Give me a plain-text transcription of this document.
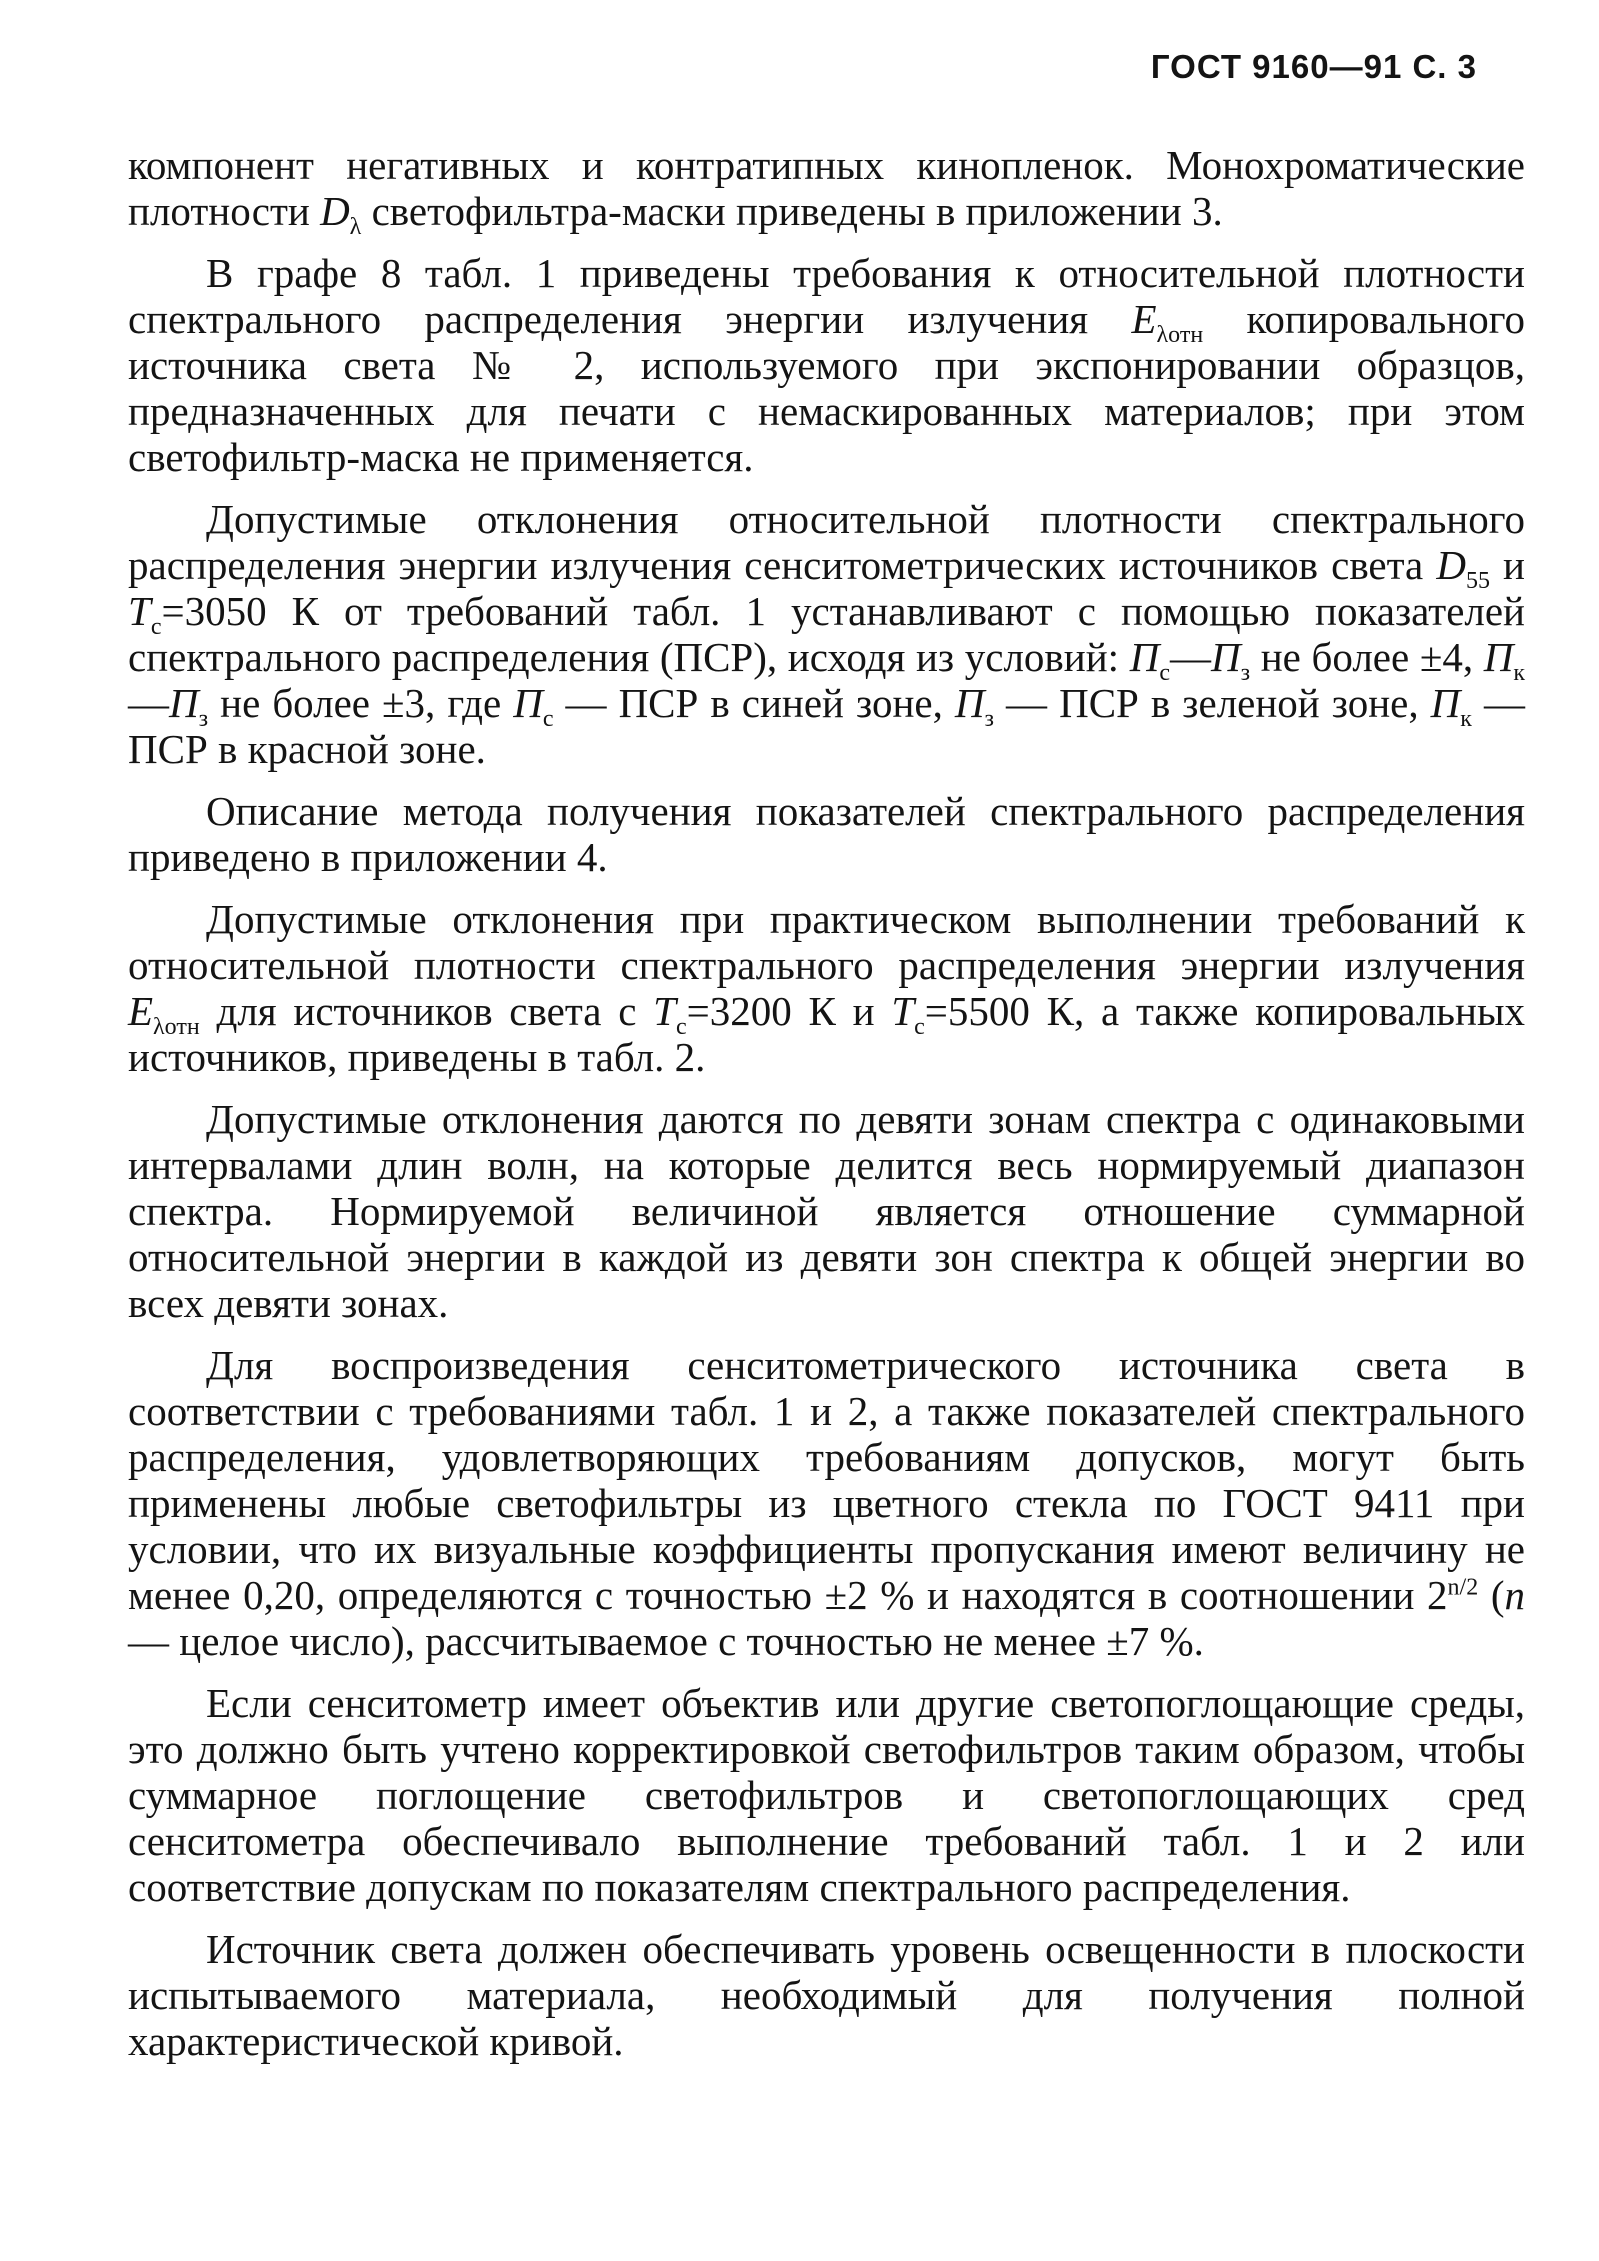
ГОСТ 9160—91 С. 3

компонент негативных и контратипных кинопленок. Монохроматические плотности $D_\lambda$ светофильтра-маски приведены в приложении 3.

В графе 8 табл. 1 приведены требования к относительной плотности спектрального распределения энергии излучения $E_{\lambda отн}$ копировального источника света № 2, используемого при экспонировании образцов, предназначенных для печати с немаскированных материалов; при этом светофильтр-маска не применяется.

Допустимые отклонения относительной плотности спектрального распределения энергии излучения сенситометрических источников света $D_{55}$ и $T_с=3050$ К от требований табл. 1 устанавливают с помощью показателей спектрального распределения (ПСР), исходя из условий: $П_с—П_з$ не более ±4, $П_к—П_з$ не более ±3, где $П_с$ — ПСР в синей зоне, $П_з$ — ПСР в зеленой зоне, $П_к$ — ПСР в красной зоне.

Описание метода получения показателей спектрального распределения приведено в приложении 4.

Допустимые отклонения при практическом выполнении требований к относительной плотности спектрального распределения энергии излучения $E_{\lambda отн}$ для источников света с $T_с=3200$ К и $T_с=5500$ К, а также копировальных источников, приведены в табл. 2.

Допустимые отклонения даются по девяти зонам спектра с одинаковыми интервалами длин волн, на которые делится весь нормируемый диапазон спектра. Нормируемой величиной является отношение суммарной относительной энергии в каждой из девяти зон спектра к общей энергии во всех девяти зонах.

Для воспроизведения сенситометрического источника света в соответствии с требованиями табл. 1 и 2, а также показателей спектрального распределения, удовлетворяющих требованиям допусков, могут быть применены любые светофильтры из цветного стекла по ГОСТ 9411 при условии, что их визуальные коэффициенты пропускания имеют величину не менее 0,20, определяются с точностью ±2 % и находятся в соотношении $2^{n/2}$ (n — целое число), рассчитываемое с точностью не менее ±7 %.

Если сенситометр имеет объектив или другие светопоглощающие среды, это должно быть учтено корректировкой светофильтров таким образом, чтобы суммарное поглощение светофильтров и светопоглощающих сред сенситометра обеспечивало выполнение требований табл. 1 и 2 или соответствие допускам по показателям спектрального распределения.

Источник света должен обеспечивать уровень освещенности в плоскости испытываемого материала, необходимый для получения полной характеристической кривой.
